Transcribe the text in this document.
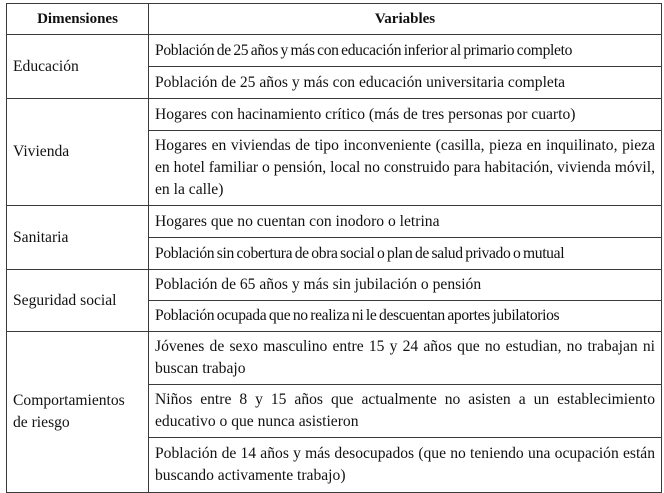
Dimensiones	Variables
Educación	Población de 25 años y más con educación inferior al primario completo
	Población de 25 años y más con educación universitaria completa
Vivienda	Hogares con hacinamiento crítico (más de tres personas por cuarto)
	Hogares en viviendas de tipo inconveniente (casilla, pieza en inquilinato, pieza en hotel familiar o pensión, local no construido para habitación, vivienda móvil, en la calle)
Sanitaria	Hogares que no cuentan con inodoro o letrina
	Población sin cobertura de obra social o plan de salud privado o mutual
Seguridad social	Población de 65 años y más sin jubilación o pensión
	Población ocupada que no realiza ni le descuentan aportes jubilatorios
Comportamientos de riesgo	Jóvenes de sexo masculino entre 15 y 24 años que no estudian, no trabajan ni buscan trabajo
	Niños entre 8 y 15 años que actualmente no asisten a un establecimiento educativo o que nunca asistieron
	Población de 14 años y más desocupados (que no teniendo una ocupación están buscando activamente trabajo)
